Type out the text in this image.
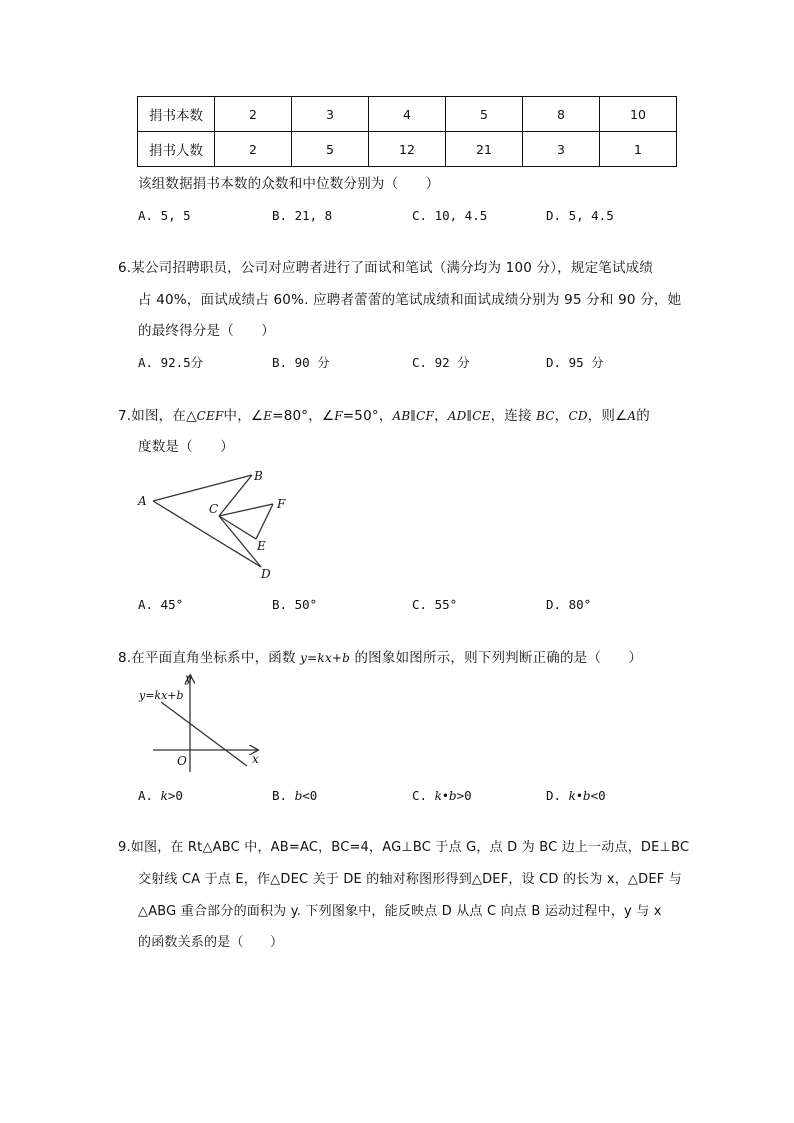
捐书本数	2	3	4	5	8	10
捐书人数	2	5	12	21	3	1
该组数据捐书本数的众数和中位数分别为（　　）
A. 5, 5	B. 21, 8	C. 10, 4.5	D. 5, 4.5
6.某公司招聘职员，公司对应聘者进行了面试和笔试（满分均为 100 分），规定笔试成绩
占 40%，面试成绩占 60%. 应聘者蕾蕾的笔试成绩和面试成绩分别为 95 分和 90 分，她
的最终得分是（　　）
A. 92.5分	B. 90 分	C. 92 分	D. 95 分
7.如图，在△CEF中，∠E=80°，∠F=50°，AB∥CF，AD∥CE，连接 BC，CD，则∠A的
度数是（　　）
A
B
C	F
E
D
A. 45°	B. 50°	C. 55°	D. 80°
8.在平面直角坐标系中，函数 y=kx+b 的图象如图所示，则下列判断正确的是（　　）
y
y=kx+b
O	x
A. k>0	B. b<0	C. k•b>0	D. k•b<0
9.如图，在 Rt△ABC 中，AB=AC，BC=4，AG⊥BC 于点 G，点 D 为 BC 边上一动点，DE⊥BC
交射线 CA 于点 E，作△DEC 关于 DE 的轴对称图形得到△DEF，设 CD 的长为 x，△DEF 与
△ABG 重合部分的面积为 y. 下列图象中，能反映点 D 从点 C 向点 B 运动过程中，y 与 x
的函数关系的是（　　）
